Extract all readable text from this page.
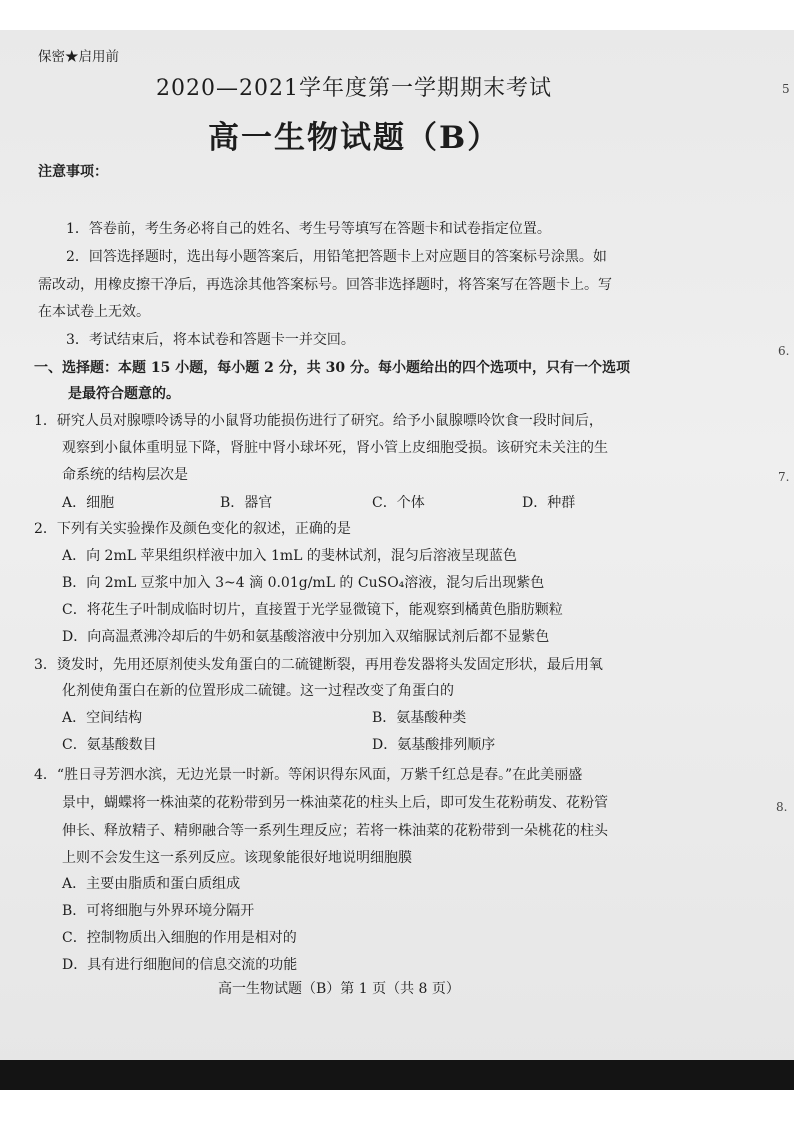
保密★启用前
2020—2021学年度第一学期期末考试
高一生物试题（B）
注意事项：
1．答卷前，考生务必将自己的姓名、考生号等填写在答题卡和试卷指定位置。
2．回答选择题时，选出每小题答案后，用铅笔把答题卡上对应题目的答案标号涂黑。如
需改动，用橡皮擦干净后，再选涂其他答案标号。回答非选择题时，将答案写在答题卡上。写
在本试卷上无效。
3．考试结束后，将本试卷和答题卡一并交回。
一、选择题：本题 15 小题，每小题 2 分，共 30 分。每小题给出的四个选项中，只有一个选项
是最符合题意的。
1．研究人员对腺嘌呤诱导的小鼠肾功能损伤进行了研究。给予小鼠腺嘌呤饮食一段时间后，
观察到小鼠体重明显下降，肾脏中肾小球坏死，肾小管上皮细胞受损。该研究未关注的生
命系统的结构层次是
A．细胞	B．器官	C．个体	D．种群
2．下列有关实验操作及颜色变化的叙述，正确的是
A．向 2mL 苹果组织样液中加入 1mL 的斐林试剂，混匀后溶液呈现蓝色
B．向 2mL 豆浆中加入 3~4 滴 0.01g/mL 的 CuSO₄溶液，混匀后出现紫色
C．将花生子叶制成临时切片，直接置于光学显微镜下，能观察到橘黄色脂肪颗粒
D．向高温煮沸冷却后的牛奶和氨基酸溶液中分别加入双缩脲试剂后都不显紫色
3．烫发时，先用还原剂使头发角蛋白的二硫键断裂，再用卷发器将头发固定形状，最后用氧
化剂使角蛋白在新的位置形成二硫键。这一过程改变了角蛋白的
A．空间结构	B．氨基酸种类
C．氨基酸数目	D．氨基酸排列顺序
4．“胜日寻芳泗水滨，无边光景一时新。等闲识得东风面，万紫千红总是春。”在此美丽盛
景中，蝴蝶将一株油菜的花粉带到另一株油菜花的柱头上后，即可发生花粉萌发、花粉管
伸长、释放精子、精卵融合等一系列生理反应；若将一株油菜的花粉带到一朵桃花的柱头
上则不会发生这一系列反应。该现象能很好地说明细胞膜
A．主要由脂质和蛋白质组成
B．可将细胞与外界环境分隔开
C．控制物质出入细胞的作用是相对的
D．具有进行细胞间的信息交流的功能
高一生物试题（B）第 1 页（共 8 页）
5
6.
7.
8.
